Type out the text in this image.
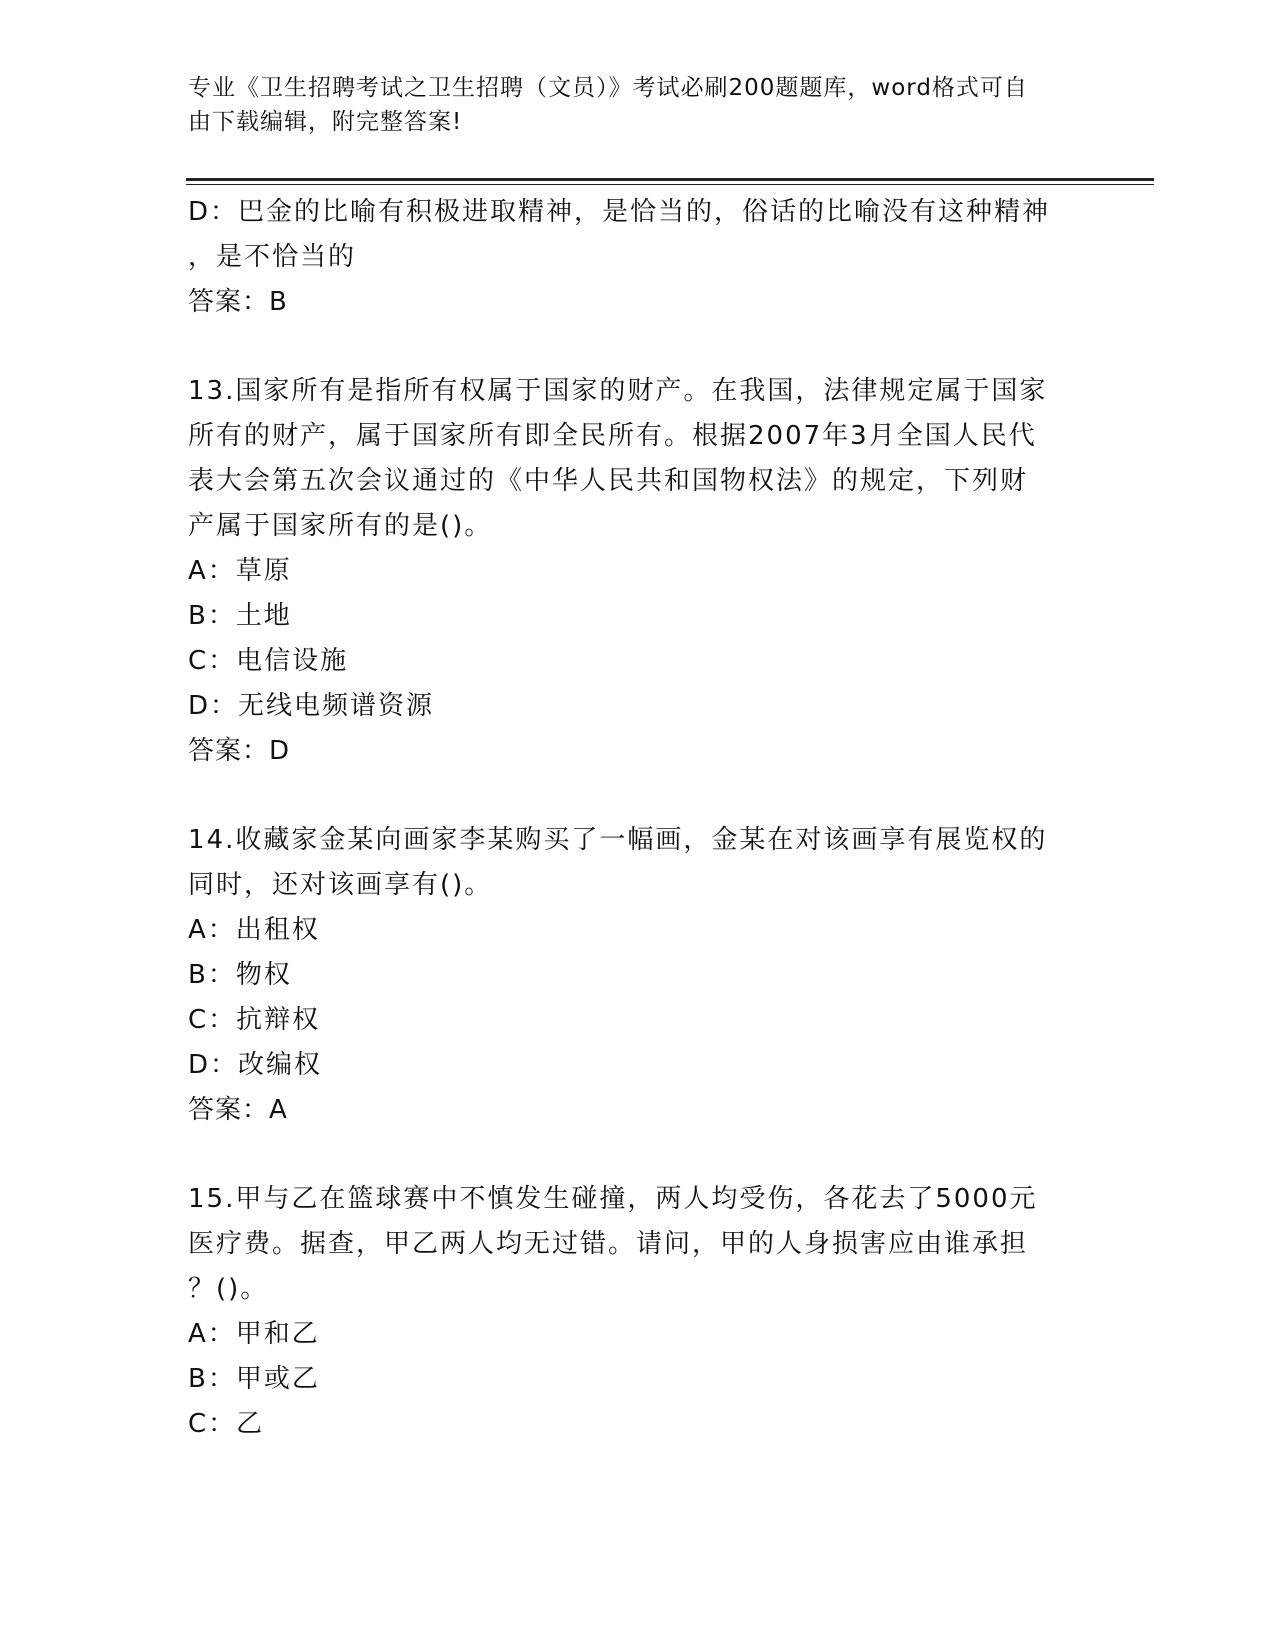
专业《卫生招聘考试之卫生招聘（文员）》考试必刷200题题库，word格式可自
由下载编辑，附完整答案!
D：巴金的比喻有积极进取精神，是恰当的，俗话的比喻没有这种精神
，是不恰当的
答案：B
13.国家所有是指所有权属于国家的财产。在我国，法律规定属于国家
所有的财产，属于国家所有即全民所有。根据2007年3月全国人民代
表大会第五次会议通过的《中华人民共和国物权法》的规定，下列财
产属于国家所有的是()。
A：草原
B：土地
C：电信设施
D：无线电频谱资源
答案：D
14.收藏家金某向画家李某购买了一幅画，金某在对该画享有展览权的
同时，还对该画享有()。
A：出租权
B：物权
C：抗辩权
D：改编权
答案：A
15.甲与乙在篮球赛中不慎发生碰撞，两人均受伤，各花去了5000元
医疗费。据查，甲乙两人均无过错。请问，甲的人身损害应由谁承担
？()。
A：甲和乙
B：甲或乙
C：乙
